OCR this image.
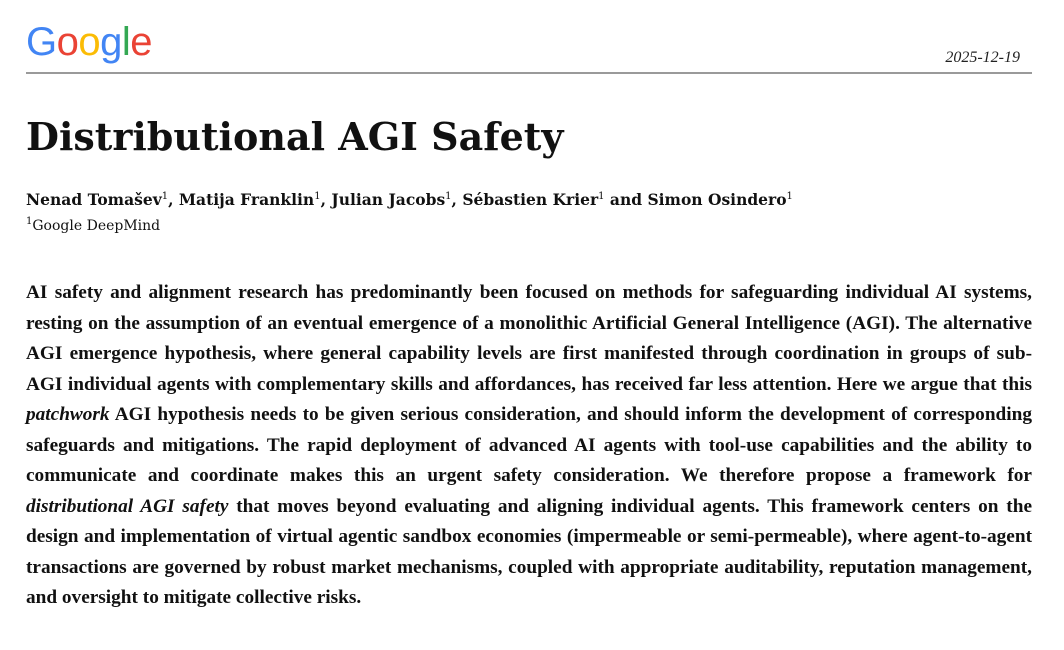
Google	2025-12-19
Distributional AGI Safety
Nenad Tomašev$^1$, Matija Franklin$^1$, Julian Jacobs$^1$, Sébastien Krier$^1$ and Simon Osindero$^1$
$^1$Google DeepMind

AI safety and alignment research has predominantly been focused on methods for safeguarding individual AI systems, resting on the assumption of an eventual emergence of a monolithic Artificial General Intelligence (AGI). The alternative AGI emergence hypothesis, where general capability levels are first manifested through coordination in groups of sub-AGI individual agents with complementary skills and affordances, has received far less attention. Here we argue that this patchwork AGI hypothesis needs to be given serious consideration, and should inform the development of corresponding safeguards and mitigations. The rapid deployment of advanced AI agents with tool-use capabilities and the ability to communicate and coordinate makes this an urgent safety consideration. We therefore propose a framework for distributional AGI safety that moves beyond evaluating and aligning individual agents. This framework centers on the design and implementation of virtual agentic sandbox economies (impermeable or semi-permeable), where agent-to-agent transactions are governed by robust market mechanisms, coupled with appropriate auditability, reputation management, and oversight to mitigate collective risks.
